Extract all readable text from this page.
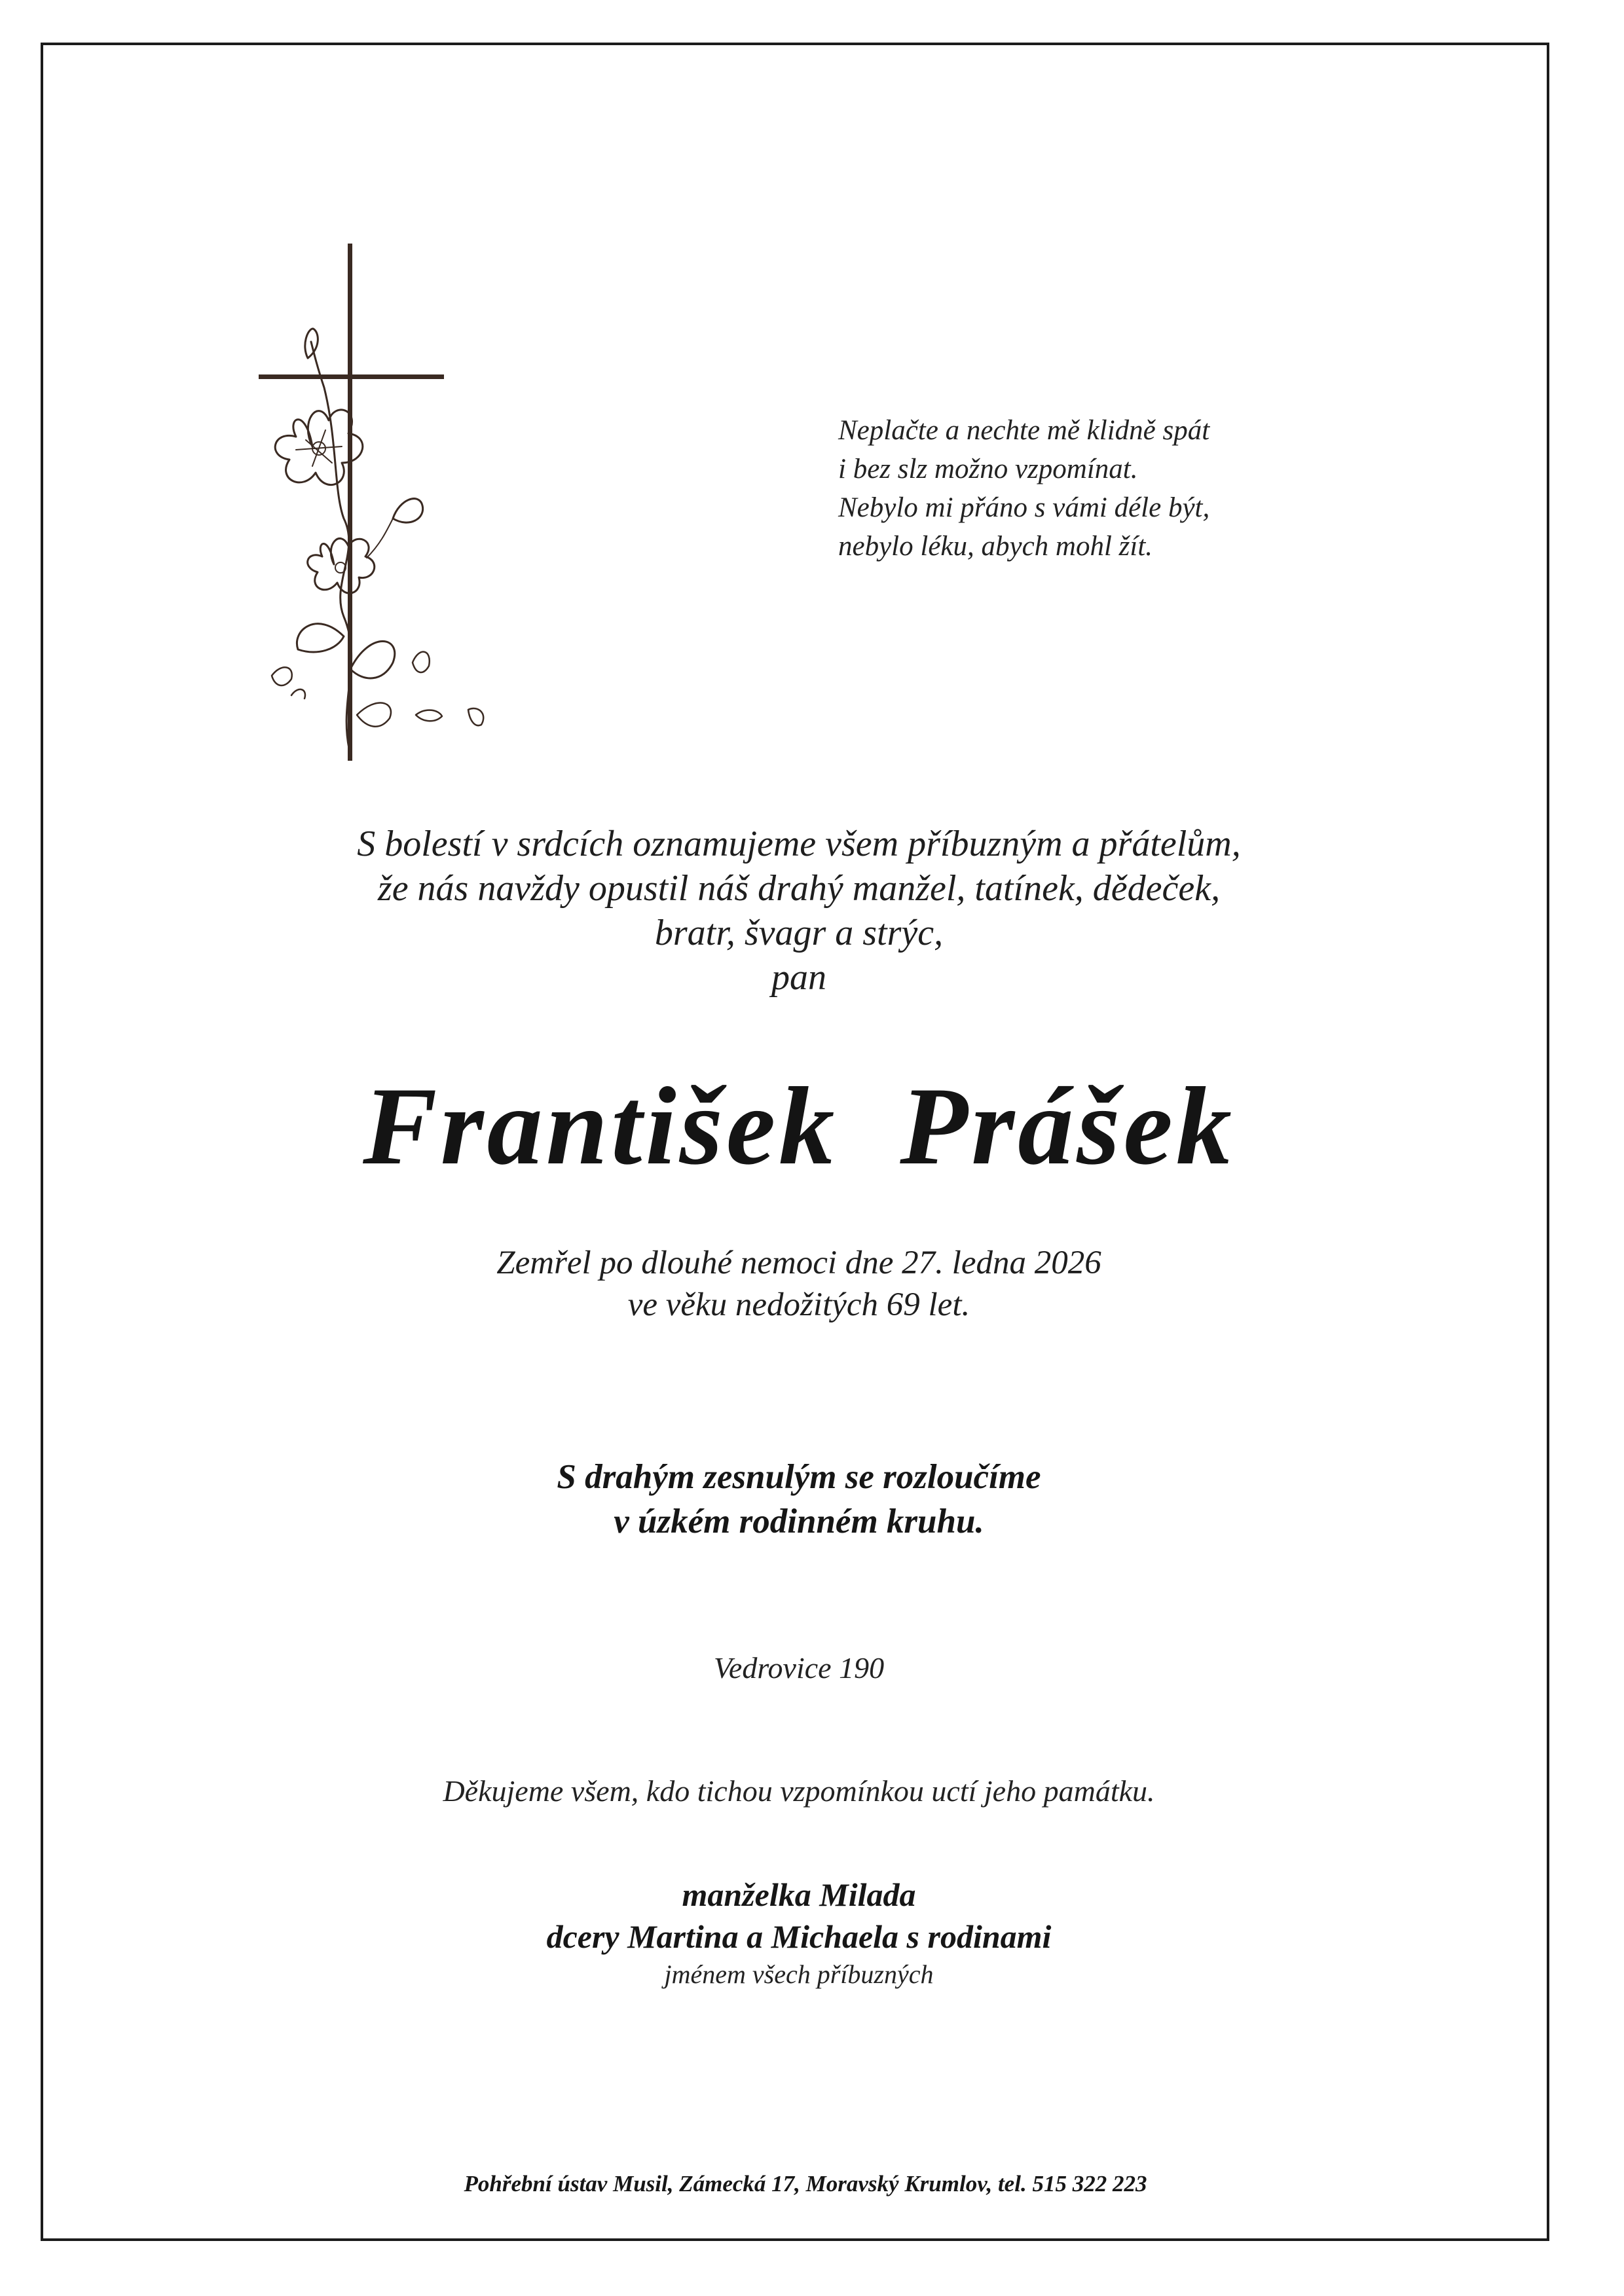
Neplačte a nechte mě klidně spát
i bez slz možno vzpomínat.
Nebylo mi přáno s vámi déle být,
nebylo léku, abych mohl žít.
S bolestí v srdcích oznamujeme všem příbuzným a přátelům,
že nás navždy opustil náš drahý manžel, tatínek, dědeček,
bratr, švagr a strýc,
pan
František  Prášek
Zemřel po dlouhé nemoci dne 27. ledna 2026
ve věku nedožitých 69 let.
S drahým zesnulým se rozloučíme
v úzkém rodinném kruhu.
Vedrovice 190
Děkujeme všem, kdo tichou vzpomínkou uctí jeho památku.
manželka Milada
dcery Martina a Michaela s rodinami
jménem všech příbuzných
Pohřební ústav Musil, Zámecká 17, Moravský Krumlov, tel. 515 322 223
